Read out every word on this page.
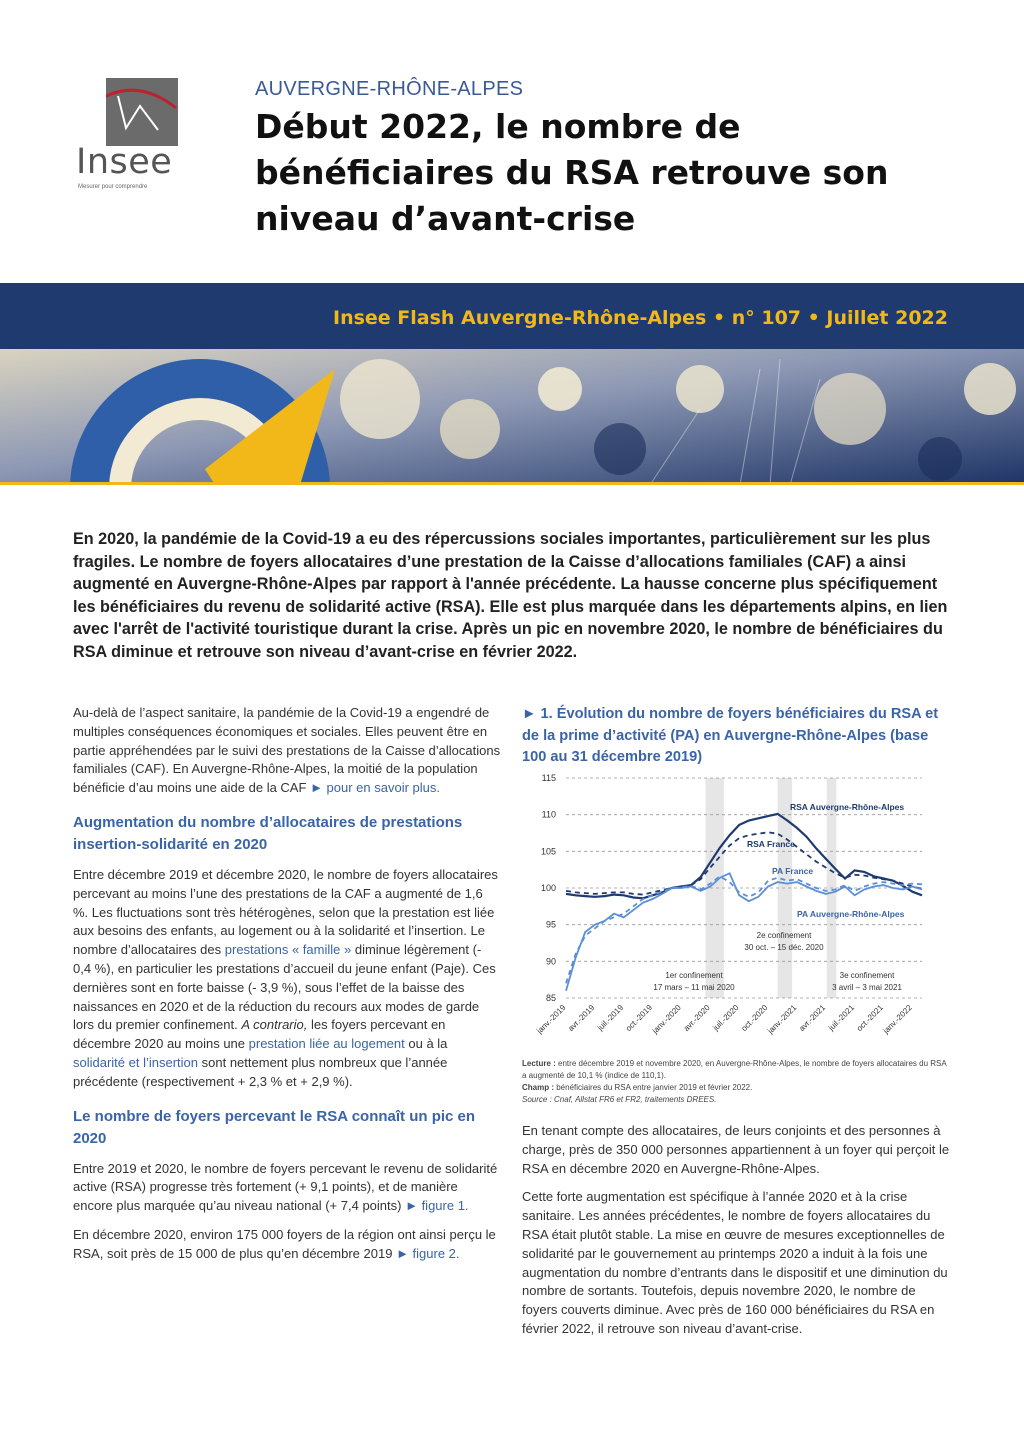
Insee
Mesurer pour comprendre
AUVERGNE-RHÔNE-ALPES
Début 2022, le nombre de bénéficiaires du RSA retrouve son niveau d’avant-crise
Insee Flash Auvergne-Rhône-Alpes • n° 107 • Juillet 2022

En 2020, la pandémie de la Covid-19 a eu des répercussions sociales importantes, particulièrement sur les plus fragiles. Le nombre de foyers allocataires d’une prestation de la Caisse d’allocations familiales (CAF) a ainsi augmenté en Auvergne-Rhône-Alpes par rapport à l'année précédente. La hausse concerne plus spécifiquement les bénéficiaires du revenu de solidarité active (RSA). Elle est plus marquée dans les départements alpins, en lien avec l'arrêt de l'activité touristique durant la crise. Après un pic en novembre 2020, le nombre de bénéficiaires du RSA diminue et retrouve son niveau d’avant-crise en février 2022.

Au-delà de l’aspect sanitaire, la pandémie de la Covid-19 a engendré de multiples conséquences économiques et sociales. Elles peuvent être en partie appréhendées par le suivi des prestations de la Caisse d’allocations familiales (CAF). En Auvergne-Rhône-Alpes, la moitié de la population bénéficie d’au moins une aide de la CAF ► pour en savoir plus.

Augmentation du nombre d’allocataires de prestations insertion-solidarité en 2020

Entre décembre 2019 et décembre 2020, le nombre de foyers allocataires percevant au moins l’une des prestations de la CAF a augmenté de 1,6 %. Les fluctuations sont très hétérogènes, selon que la prestation est liée aux besoins des enfants, au logement ou à la solidarité et l’insertion. Le nombre d’allocataires des prestations « famille » diminue légèrement (- 0,4 %), en particulier les prestations d’accueil du jeune enfant (Paje). Ces dernières sont en forte baisse (- 3,9 %), sous l’effet de la baisse des naissances en 2020 et de la réduction du recours aux modes de garde lors du premier confinement. A contrario, les foyers percevant en décembre 2020 au moins une prestation liée au logement ou à la solidarité et l’insertion sont nettement plus nombreux que l’année précédente (respectivement + 2,3 % et + 2,9 %).

Le nombre de foyers percevant le RSA connaît un pic en 2020

Entre 2019 et 2020, le nombre de foyers percevant le revenu de solidarité active (RSA) progresse très fortement (+ 9,1 points), et de manière encore plus marquée qu’au niveau national (+ 7,4 points) ► figure 1.

En décembre 2020, environ 175 000 foyers de la région ont ainsi perçu le RSA, soit près de 15 000 de plus qu’en décembre 2019 ► figure 2.

► 1. Évolution du nombre de foyers bénéficiaires du RSA et de la prime d’activité (PA) en Auvergne-Rhône-Alpes (base 100 au 31 décembre 2019)
85
90
95
100
105
110
115
1er confinement
17 mars – 11 mai 2020
2e confinement
30 oct. – 15 déc. 2020
3e confinement
3 avril – 3 mai 2021
RSA Auvergne-Rhône-Alpes
RSA France
PA France
PA Auvergne-Rhône-Alpes
janv.-2019
avr.-2019 juil.-2019
oct.-2019
janv.-2020
avr.-2020 juil.-2020
oct.-2020
janv.-2021
avr.-2021 juil.-2021
oct.-2021
janv.-2022
Lecture : entre décembre 2019 et novembre 2020, en Auvergne-Rhône-Alpes, le nombre de foyers allocataires du RSA a augmenté de 10,1 % (indice de 110,1).
Champ : bénéficiaires du RSA entre janvier 2019 et février 2022.
Source : Cnaf, Allstat FR6 et FR2, traitements DREES.

En tenant compte des allocataires, de leurs conjoints et des personnes à charge, près de 350 000 personnes appartiennent à un foyer qui perçoit le RSA en décembre 2020 en Auvergne-Rhône-Alpes.

Cette forte augmentation est spécifique à l’année 2020 et à la crise sanitaire. Les années précédentes, le nombre de foyers allocataires du RSA était plutôt stable. La mise en œuvre de mesures exceptionnelles de solidarité par le gouvernement au printemps 2020 a induit à la fois une augmentation du nombre d’entrants dans le dispositif et une diminution du nombre de sortants. Toutefois, depuis novembre 2020, le nombre de foyers couverts diminue. Avec près de 160 000 bénéficiaires du RSA en février 2022, il retrouve son niveau d’avant-crise.
